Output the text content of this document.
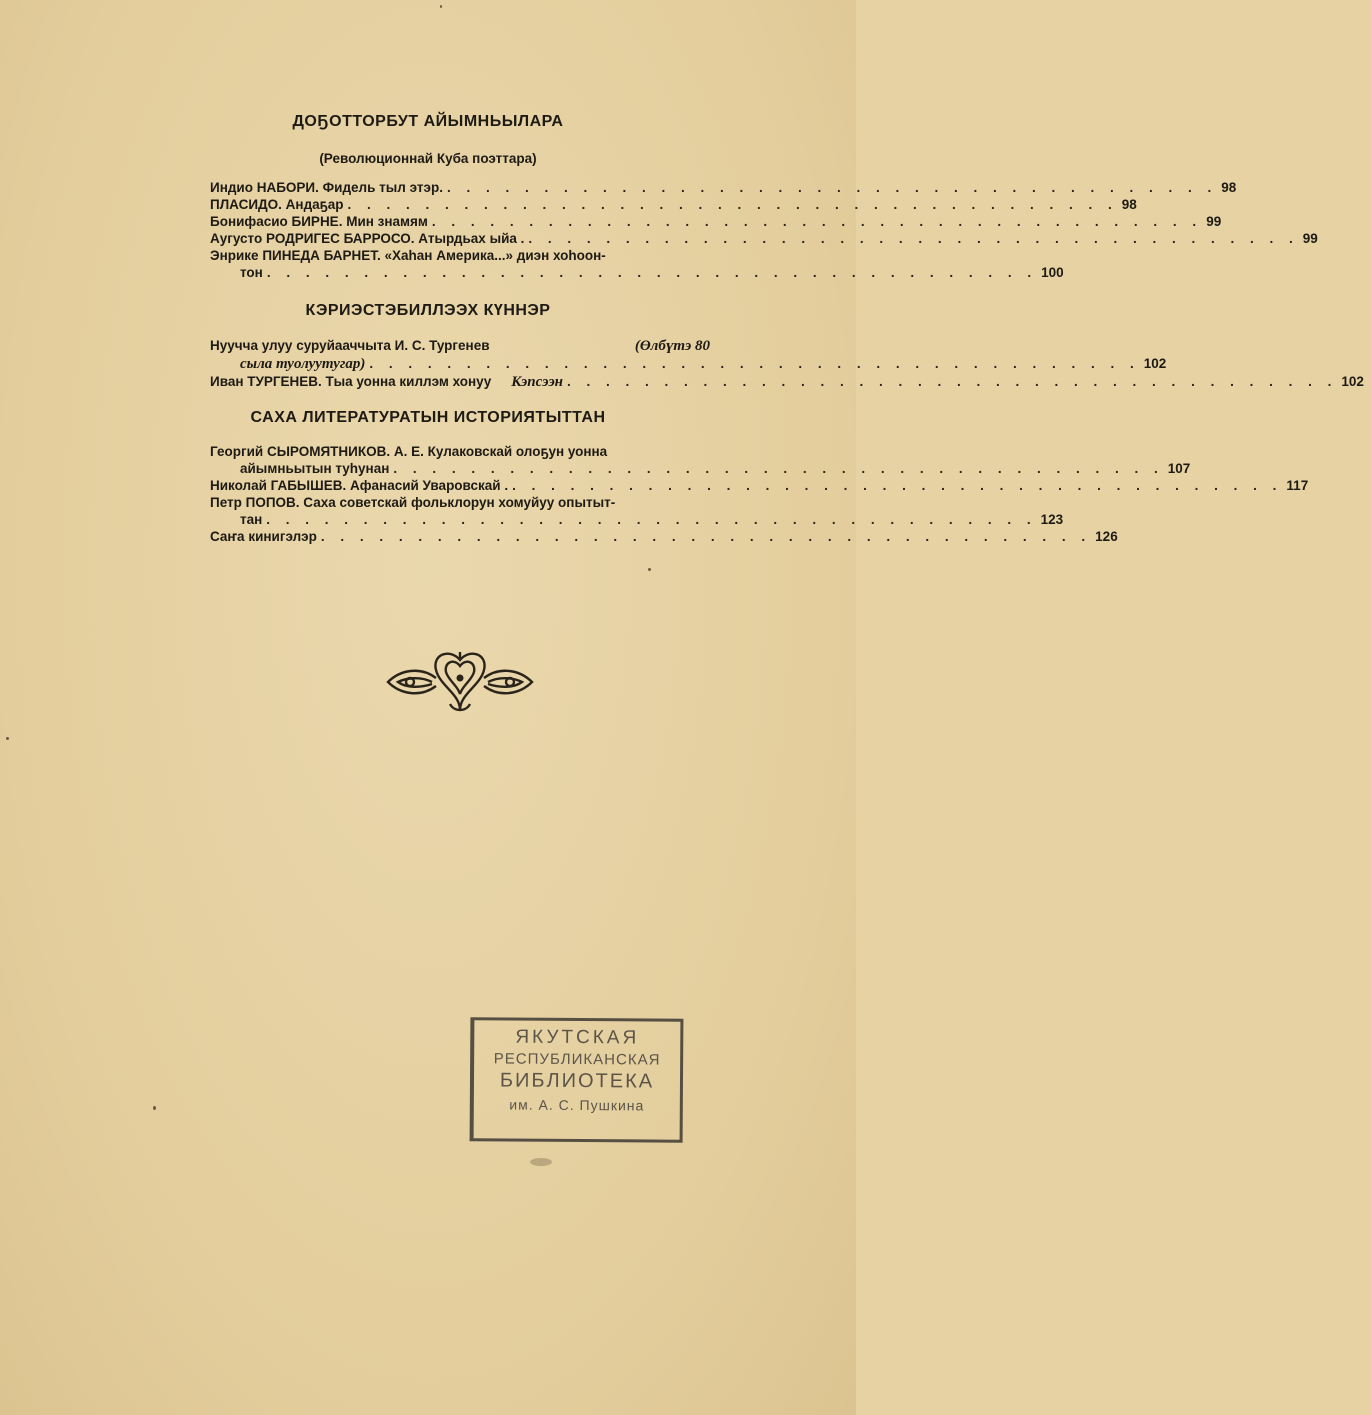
ДОҔОТТОРБУТ АЙЫМНЬЫЛАРА
(Революционнай Куба поэттара)
Индио НАБОРИ. Фидель тыл этэр. . . . . . . . . . . . . . . . . . . . . . . . . . . . . . . . . . . . . . . . . 98
ПЛАСИДО. Андаҕар . . . . . . . . . . . . . . . . . . . . . . . . . . . . . . . . . . . . . . . . 98
Бонифасио БИРНЕ. Мин знамям . . . . . . . . . . . . . . . . . . . . . . . . . . . . . . . . . . . . . . . . 99
Аугусто РОДРИГЕС БАРРОСО. Атырдьах ыйа . . . . . . . . . . . . . . . . . . . . . . . . . . . . . . . . . . . . . . . . . 99
Энрике ПИНЕДА БАРНЕТ. «Хаһан Америка...» диэн хоһоон-
тон . . . . . . . . . . . . . . . . . . . . . . . . . . . . . . . . . . . . . . . . 100
КЭРИЭСТЭБИЛЛЭЭХ КҮННЭР
Нуучча улуу суруйааччыта И. С. Тургенев	(Өлбүтэ 80
сыла туолуутугар) . . . . . . . . . . . . . . . . . . . . . . . . . . . . . . . . . . . . . . . . 102
Иван ТУРГЕНЕВ. Тыа уонна киллэм хонуу Кэпсээн . . . . . . . . . . . . . . . . . . . . . . . . . . . . . . . . . . . . . . . . 102
САХА ЛИТЕРАТУРАТЫН ИСТОРИЯТЫТТАН
Георгий СЫРОМЯТНИКОВ. А. Е. Кулаковскай олоҕун уонна
айымньытын туһунан . . . . . . . . . . . . . . . . . . . . . . . . . . . . . . . . . . . . . . . . 107
Николай ГАБЫШЕВ. Афанасий Уваровскай . . . . . . . . . . . . . . . . . . . . . . . . . . . . . . . . . . . . . . . . . 117
Петр ПОПОВ. Саха советскай фольклорун хомуйуу опытыт-
тан . . . . . . . . . . . . . . . . . . . . . . . . . . . . . . . . . . . . . . . . 123
Саҥа кинигэлэр . . . . . . . . . . . . . . . . . . . . . . . . . . . . . . . . . . . . . . . . 126
ЯКУТСКАЯ
РЕСПУБЛИКАНСКАЯ
БИБЛИОТЕКА
им. А. С. Пушкина
